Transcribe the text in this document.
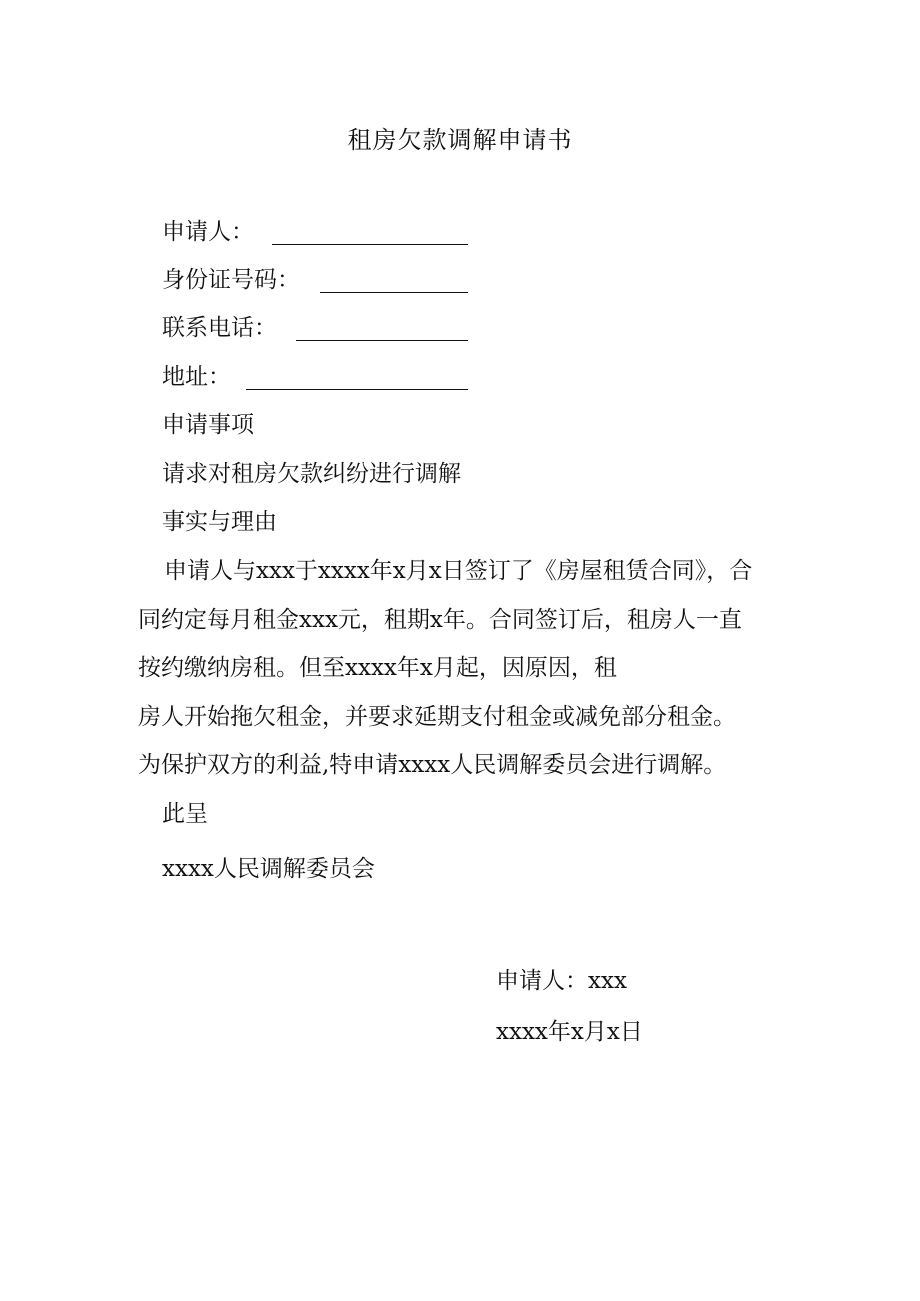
租房欠款调解申请书
申请人：
身份证号码：
联系电话：
地址：
申请事项
请求对租房欠款纠纷进行调解
事实与理由
申请人与xxx于xxxx年x月x日签订了《房屋租赁合同》，合
同约定每月租金xxx元，租期x年。合同签订后，租房人一直
按约缴纳房租。但至xxxx年x月起，因原因，租
房人开始拖欠租金，并要求延期支付租金或减免部分租金。
为保护双方的利益,特申请xxxx人民调解委员会进行调解。
此呈
xxxx人民调解委员会
申请人：xxx
xxxx年x月x日
